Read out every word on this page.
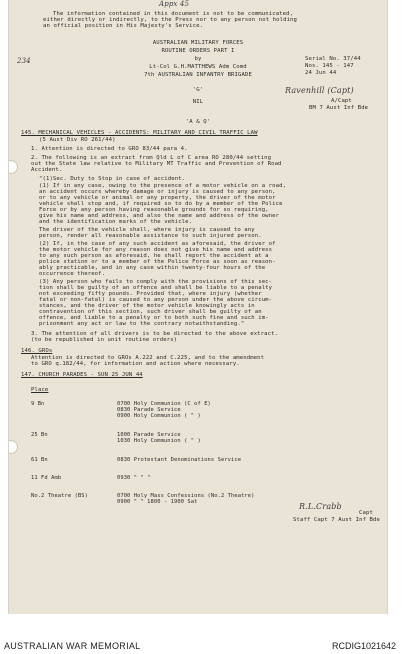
Appx 45
234
The information contained in this document is not to be communicated,
either directly or indirectly, to the Press nor to any person not holding
an official position in His Majesty's Service.
AUSTRALIAN MILITARY FORCES
ROUTINE ORDERS PART I
by
Lt-Col G.H.MATTHEWS Adm Comd
7th AUSTRALIAN INFANTRY BRIGADE
Serial No. 37/44
Nos. 145 - 147
24 Jun 44
'G'
NIL
Ravenhill (Capt)
A/Capt
BM 7 Aust Inf Bde
'A & Q'
145. MECHANICAL VEHICLES - ACCIDENTS: MILITARY AND CIVIL TRAFFIC LAW
(5 Aust Div RO 261/44)
1. Attention is directed to GRO 83/44 para 4.
2. The following is an extract from Qld L of C area RO 280/44 setting
out the State law relative to Military MT Traffic and Prevention of Road
Accident.
"(1)Sec. Duty to Stop in case of accident.
(1) If in any case, owing to the presence of a motor vehicle on a road,
an accident occurs whereby damage or injury is caused to any person,
or to any vehicle or animal or any property, the driver of the motor
vehicle shall stop and, if required so to do by a member of the Police
Force or by any person having reasonable grounds for so requiring,
give his name and address, and also the name and address of the owner
and the identification marks of the vehicle.
The driver of the vehicle shall, where injury is caused to any
person, render all reasonable assistance to such injured person.
(2) If, in the case of any such accident as aforesaid, the driver of
the motor vehicle for any reason does not give his name and address
to any such person as aforesaid, he shall report the accident at a
police station or to a member of the Police Force as soon as reason-
ably practicable, and in any case within twenty-four hours of the
occurrence thereof.
(3) Any person who fails to comply with the provisions of this sec-
tion shall be guilty of an offence and shall be liable to a penalty
not exceeding fifty pounds. Provided that, where injury (whether
fatal or non-fatal) is caused to any person under the above circum-
stances, and the driver of the motor vehicle knowingly acts in
contravention of this section, such driver shall be guilty of an
offence, and liable to a penalty or to both such fine and such im-
prisonment any act or law to the contrary notwithstanding."
3. The attention of all drivers is to be directed to the above extract.
(to be republished in unit routine orders)
146. GROs
Attention is directed to GROs A.222 and C.225, and to the amendment
to GRO q.182/44, for information and action where necessary.
147. CHURCH PARADES - SUN 25 JUN 44
Place
9 Bn	0700 Holy Communion (C of E)
0830 Parade Service
0900 Holy Communion ( " )
25 Bn	1000 Parade Service
1030 Holy Communion ( " )
61 Bn	0830 Protestant Denominations Service
11 Fd Amb	0930 " " "
No.2 Theatre (BS)	0700 Holy Mass Confessions (No.2 Theatre)
0900 " " 1800 - 1900 Sat	R.L.Crabb
Capt
Staff Capt 7 Aust Inf Bde
AUSTRALIAN WAR MEMORIAL	RCDIG1021642
